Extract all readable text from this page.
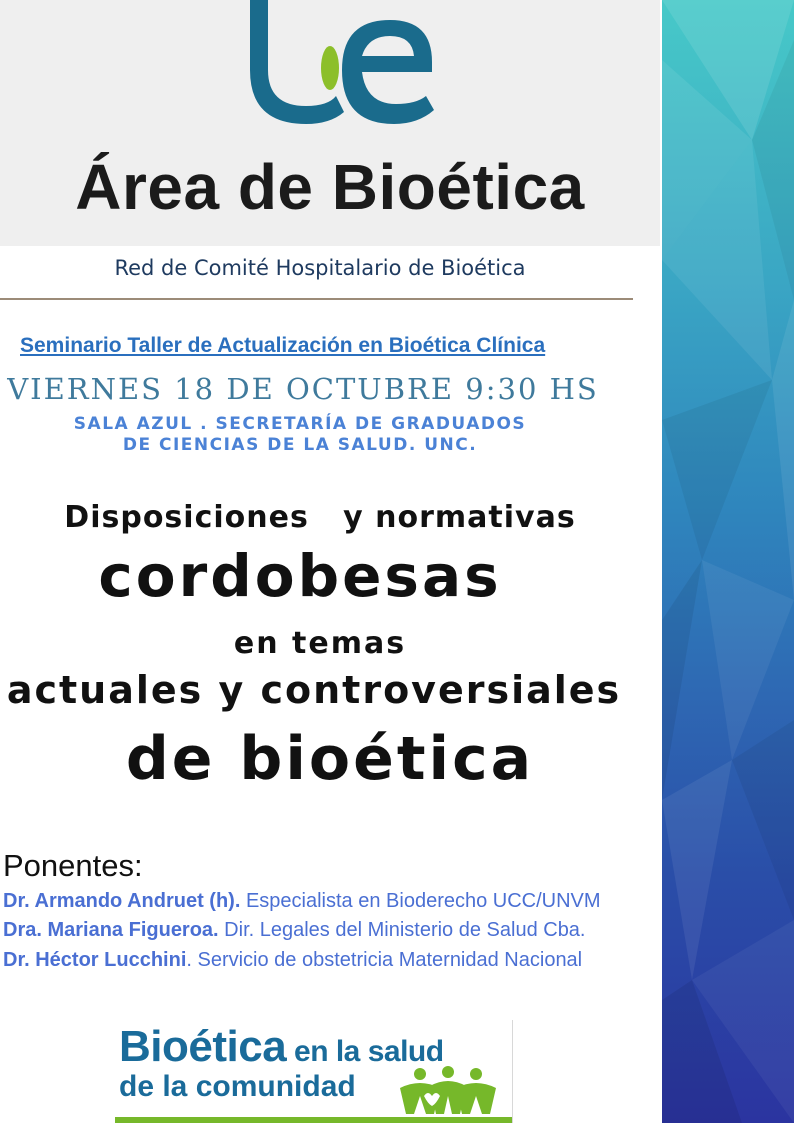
Área de Bioética
Red de Comité Hospitalario de Bioética
Seminario Taller de Actualización en Bioética Clínica
VIERNES 18 DE OCTUBRE 9:30 HS
SALA AZUL . SECRETARÍA DE GRADUADOS
DE CIENCIAS DE LA SALUD. UNC.
Disposiciones   y normativas
cordobesas
en temas
actuales y controversiales
de bioética
Ponentes:
Dr. Armando Andruet (h). Especialista en Bioderecho UCC/UNVM
Dra. Mariana Figueroa. Dir. Legales del Ministerio de Salud Cba.
Dr. Héctor Lucchini. Servicio de obstetricia Maternidad Nacional
Bioética en la salud
de la comunidad
